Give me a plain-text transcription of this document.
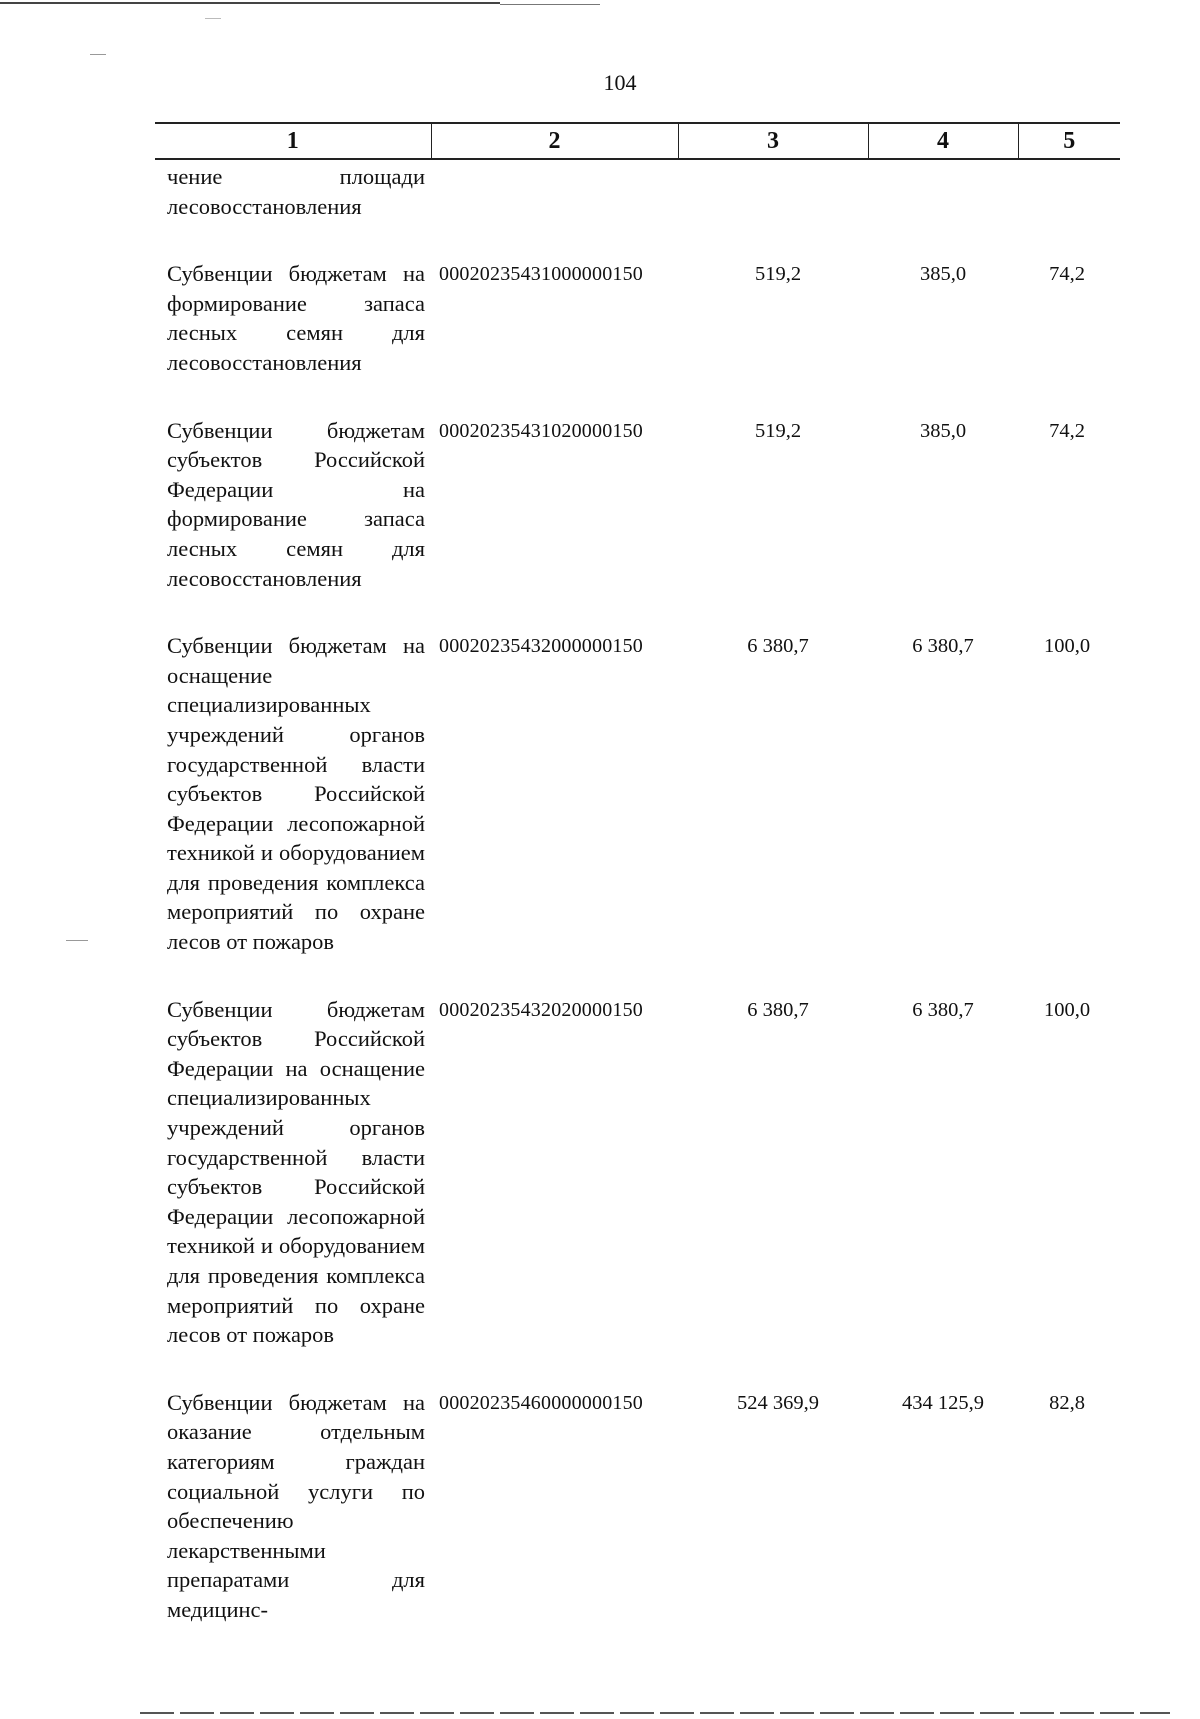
104
1	2	3	4	5

чение площади лесовосстановления				

Субвенции бюджетам на формирование запаса лесных семян для лесовосстановления	00020235431000000150	519,2	385,0	74,2

Субвенции бюджетам субъектов Российской Федерации на формирование запаса лесных семян для лесовосстановления	00020235431020000150	519,2	385,0	74,2

Субвенции бюджетам на оснащение специализированных учреждений органов государственной власти субъектов Российской Федерации лесопожарной техникой и оборудованием для проведения комплекса мероприятий по охране лесов от пожаров	00020235432000000150	6 380,7	6 380,7	100,0

Субвенции бюджетам субъектов Российской Федерации на оснащение специализированных учреждений органов государственной власти субъектов Российской Федерации лесопожарной техникой и оборудованием для проведения комплекса мероприятий по охране лесов от пожаров	00020235432020000150	6 380,7	6 380,7	100,0

Субвенции бюджетам на оказание отдельным категориям граждан социальной услуги по обеспечению лекарственными препаратами для медицинс-	00020235460000000150	524 369,9	434 125,9	82,8
